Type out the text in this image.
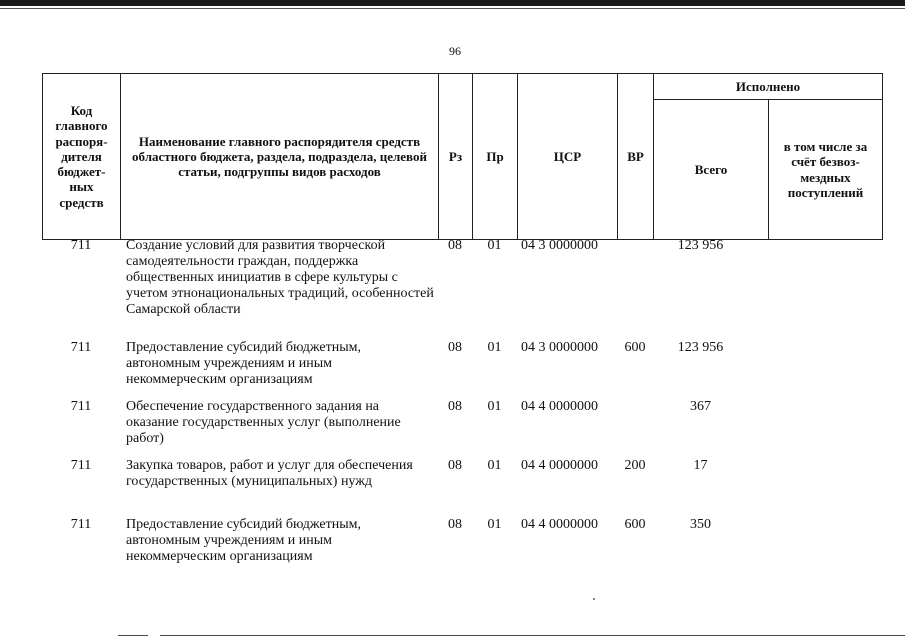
96
Код главного распоря-дителя бюджет-ных средств	Наименование главного распорядителя средств областного бюджета, раздела, подраздела, целевой статьи, подгруппы видов расходов	Рз	Пр	ЦСР	ВР	Исполнено	
						Всего	в том числе за счёт безвоз-мездных поступлений
711	Создание условий для развития творческой самодеятельности граждан, поддержка общественных инициатив в сфере культуры с учетом этнонациональных традиций, особенностей Самарской области	08	01	04 3 0000000		123 956	
711	Предоставление субсидий бюджетным, автономным учреждениям и иным некоммерческим организациям	08	01	04 3 0000000	600	123 956	
711	Обеспечение государственного задания на оказание государственных услуг (выполнение работ)	08	01	04 4 0000000		367	
711	Закупка товаров, работ и услуг для обеспечения государственных (муниципальных) нужд	08	01	04 4 0000000	200	17	
711	Предоставление субсидий бюджетным, автономным учреждениям и иным некоммерческим организациям	08	01	04 4 0000000	600	350	
